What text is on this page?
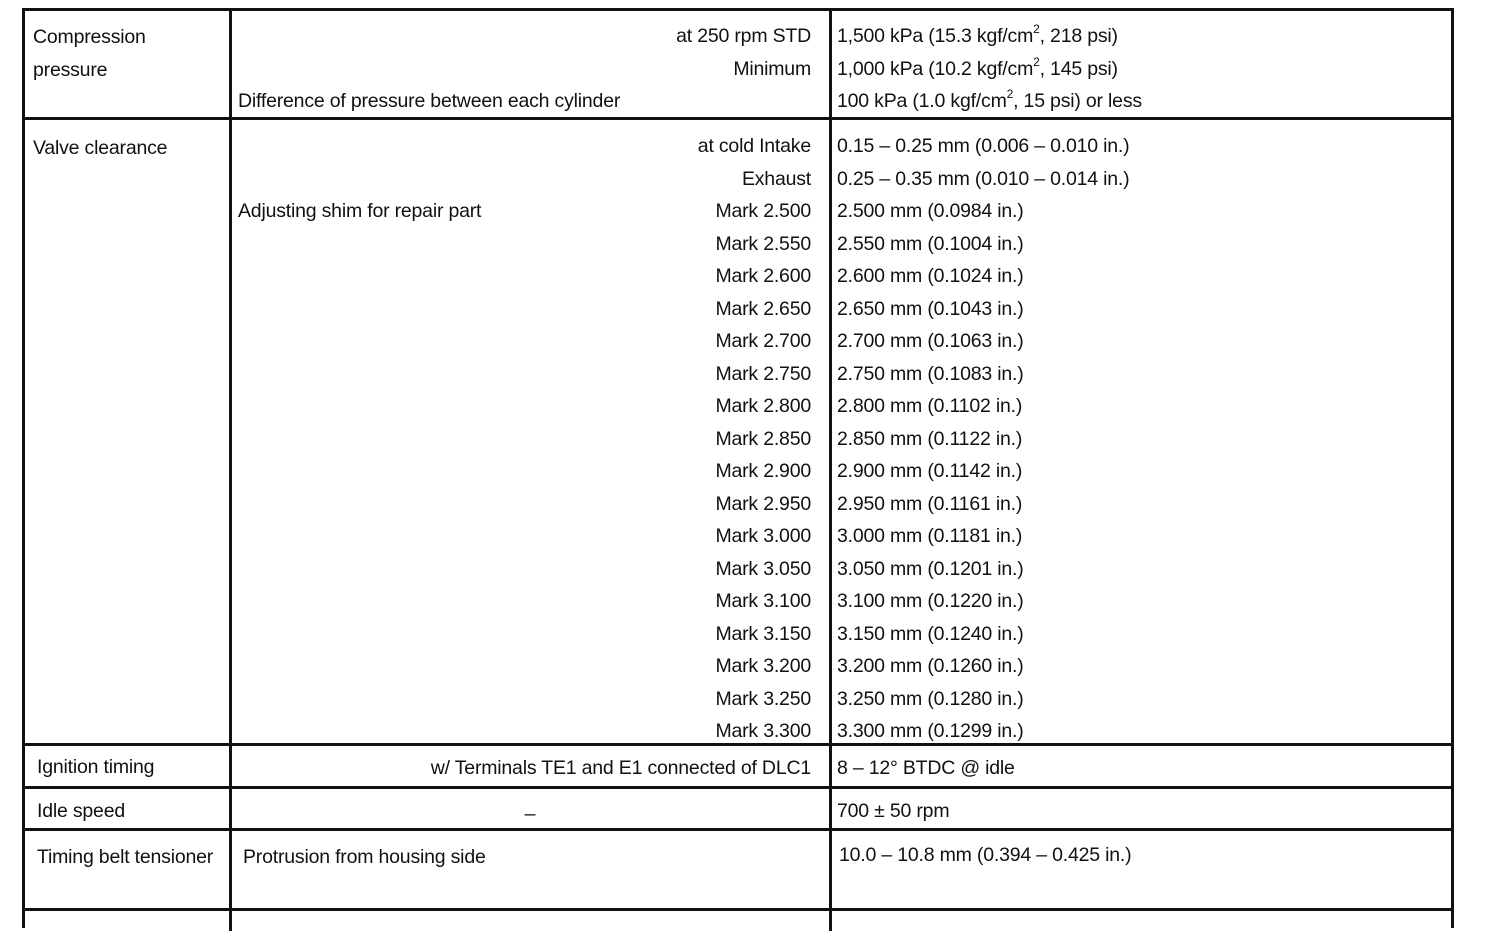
Compression pressure
at 250 rpm STD 1,500 kPa (15.3 kgf/$cm^2$, 218 psi)
Minimum 1,000 kPa (10.2 kgf/$cm^2$, 145 psi)
Difference of pressure between each cylinder	100 kPa (1.0 kgf/$cm^2$, 15 psi) or less
Valve clearance	at cold Intake 0.15 – 0.25 mm (0.006 – 0.010 in.)
Exhaust 0.25 – 0.35 mm (0.010 – 0.014 in.)
Adjusting shim for repair part	Mark 2.500 2.500 mm (0.0984 in.)
Mark 2.550 2.550 mm (0.1004 in.)
Mark 2.600 2.600 mm (0.1024 in.)
Mark 2.650 2.650 mm (0.1043 in.)
Mark 2.700 2.700 mm (0.1063 in.)
Mark 2.750 2.750 mm (0.1083 in.)
Mark 2.800 2.800 mm (0.1102 in.)
Mark 2.850 2.850 mm (0.1122 in.)
Mark 2.900 2.900 mm (0.1142 in.)
Mark 2.950 2.950 mm (0.1161 in.)
Mark 3.000 3.000 mm (0.1181 in.)
Mark 3.050 3.050 mm (0.1201 in.)
Mark 3.100 3.100 mm (0.1220 in.)
Mark 3.150 3.150 mm (0.1240 in.)
Mark 3.200 3.200 mm (0.1260 in.)
Mark 3.250 3.250 mm (0.1280 in.)
Mark 3.300 3.300 mm (0.1299 in.)
Ignition timing	w/ Terminals TE1 and E1 connected of DLC1 8 – 12° BTDC @ idle
Idle speed	–	700 ± 50 rpm
Timing belt tensioner	Protrusion from housing side	10.0 – 10.8 mm (0.394 – 0.425 in.)
